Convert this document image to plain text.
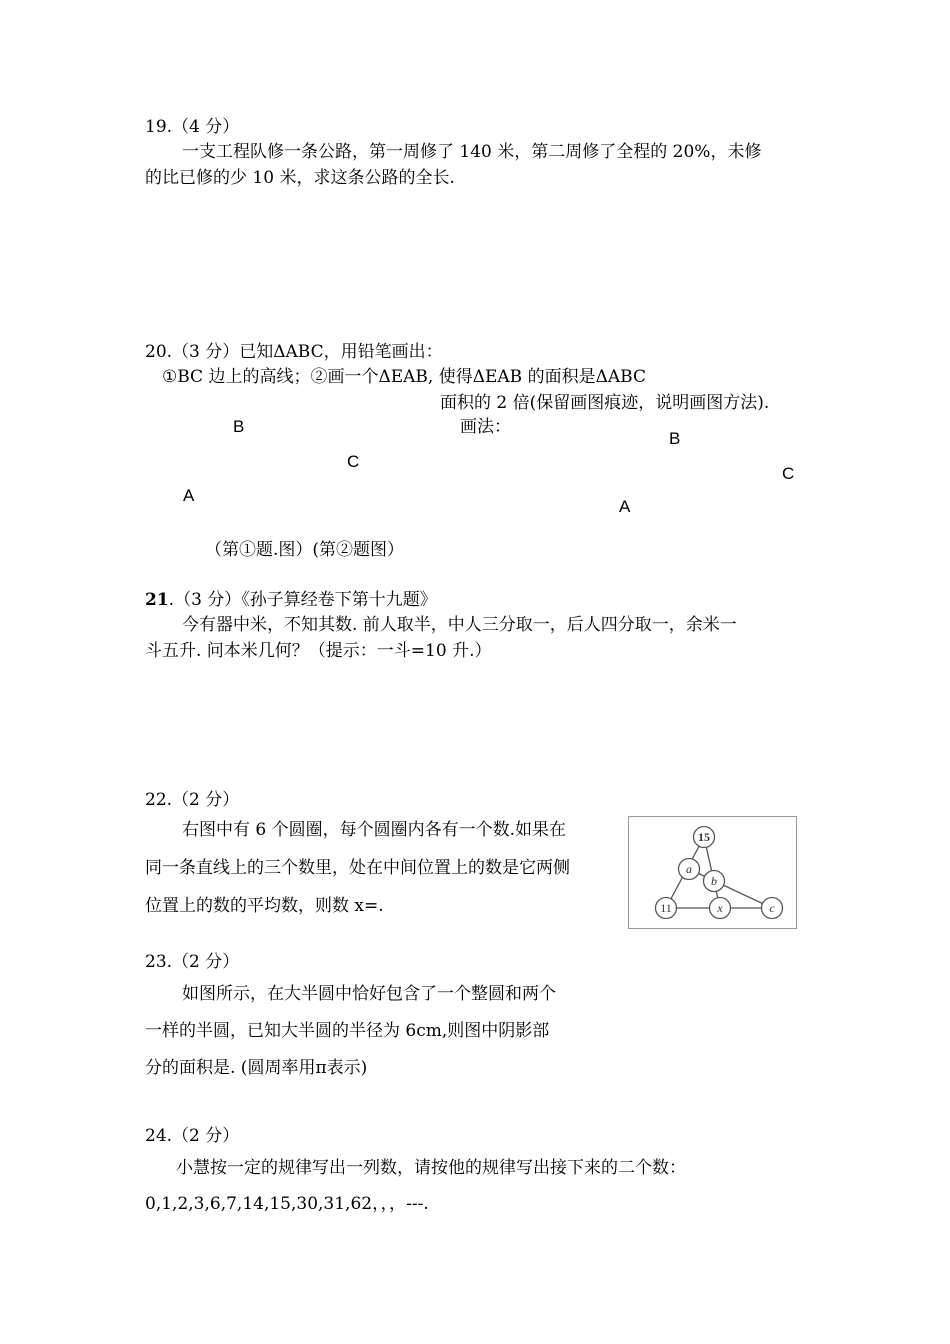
19.（4 分）

一支工程队修一条公路，第一周修了 140 米，第二周修了全程的 20%，未修

的比已修的少 10 米，求这条公路的全长.

20.（3 分）已知ΔABC，用铅笔画出：

①BC 边上的高线；②画一个ΔEAB, 使得ΔEAB 的面积是ΔABC

面积的 2 倍(保留画图痕迹，说明画图方法).

画法：

B
C
A
B
C
A

（第①题.图）(第②题图）

21.（3 分）《孙子算经卷下第十九题》

今有器中米，不知其数. 前人取半，中人三分取一，后人四分取一，余米一

斗五升. 问本米几何？（提示：一斗=10 升.）

22.（2 分）

右图中有 6 个圆圈，每个圆圈内各有一个数.如果在

同一条直线上的三个数里，处在中间位置上的数是它两侧

位置上的数的平均数，则数 x=.

15
a
b
11	x	c

23.（2 分）

如图所示，在大半圆中恰好包含了一个整圆和两个

一样的半圆，已知大半圆的半径为 6cm,则图中阴影部

分的面积是. (圆周率用π表示)

24.（2 分）

小慧按一定的规律写出一列数，请按他的规律写出接下来的二个数：

0,1,2,3,6,7,14,15,30,31,62，，，---.
